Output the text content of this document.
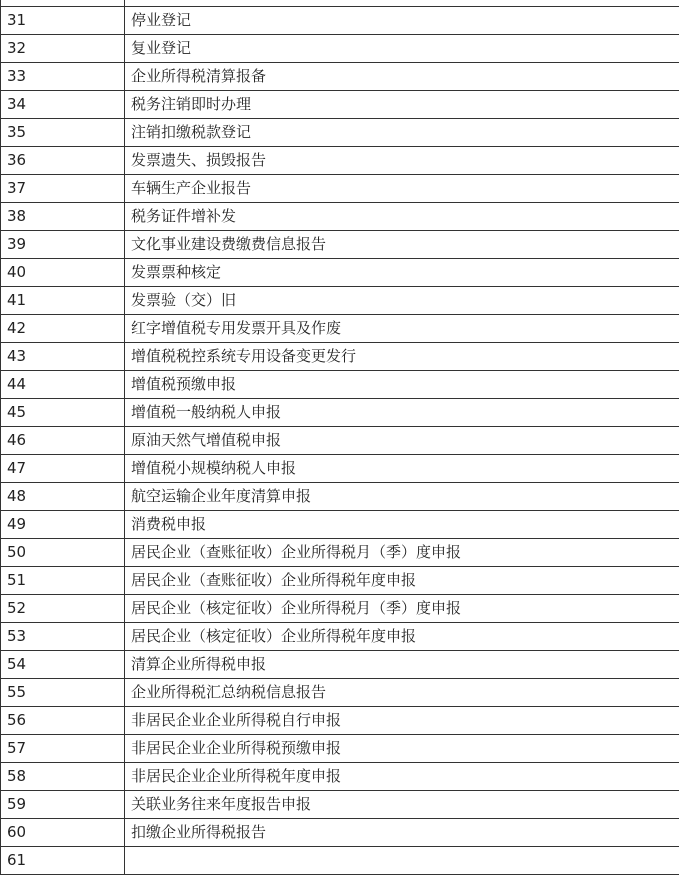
31	停业登记
32	复业登记
33	企业所得税清算报备
34	税务注销即时办理
35	注销扣缴税款登记
36	发票遗失、损毁报告
37	车辆生产企业报告
38	税务证件增补发
39	文化事业建设费缴费信息报告
40	发票票种核定
41	发票验（交）旧
42	红字增值税专用发票开具及作废
43	增值税税控系统专用设备变更发行
44	增值税预缴申报
45	增值税一般纳税人申报
46	原油天然气增值税申报
47	增值税小规模纳税人申报
48	航空运输企业年度清算申报
49	消费税申报
50	居民企业（查账征收）企业所得税月（季）度申报
51	居民企业（查账征收）企业所得税年度申报
52	居民企业（核定征收）企业所得税月（季）度申报
53	居民企业（核定征收）企业所得税年度申报
54	清算企业所得税申报
55	企业所得税汇总纳税信息报告
56	非居民企业企业所得税自行申报
57	非居民企业企业所得税预缴申报
58	非居民企业企业所得税年度申报
59	关联业务往来年度报告申报
60	扣缴企业所得税报告
61	
